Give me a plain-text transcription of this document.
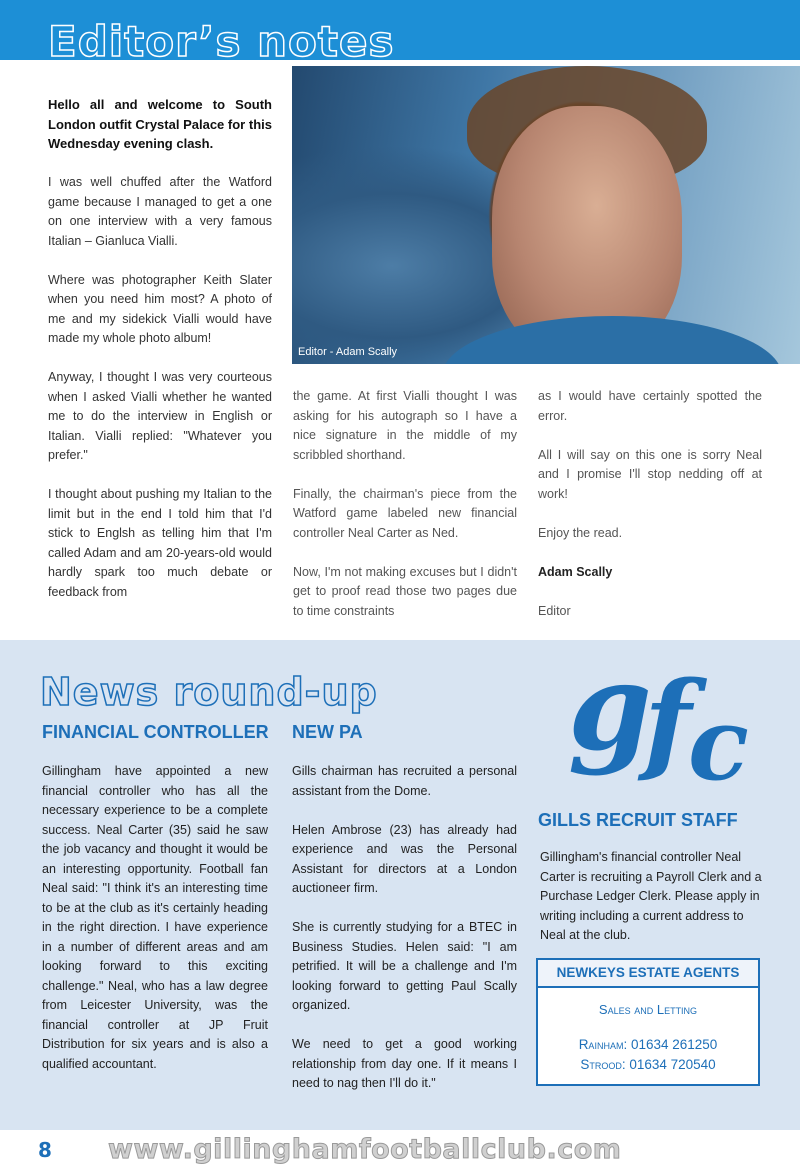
Editor’s notes
Editor - Adam Scally

Hello all and welcome to South London outfit Crystal Palace for this Wednesday evening clash.

I was well chuffed after the Watford game because I managed to get a one on one interview with a very famous Italian – Gianluca Vialli.

Where was photographer Keith Slater when you need him most? A photo of me and my sidekick Vialli would have made my whole photo album!

Anyway, I thought I was very courteous when I asked Vialli whether he wanted me to do the interview in English or Italian. Vialli replied: "Whatever you prefer."

I thought about pushing my Italian to the limit but in the end I told him that I'd stick to Englsh as telling him that I'm called Adam and am 20-years-old would hardly spark too much debate or feedback from

the game. At first Vialli thought I was asking for his autograph so I have a nice signature in the middle of my scribbled shorthand.

Finally, the chairman's piece from the Watford game labeled new financial controller Neal Carter as Ned.

Now, I'm not making excuses but I didn't get to proof read those two pages due to time constraints

as I would have certainly spotted the error.

All I will say on this one is sorry Neal and I promise I'll stop nedding off at work!

Enjoy the read.

Adam Scally

Editor

News round-up
FINANCIAL CONTROLLER

Gillingham have appointed a new financial controller who has all the necessary experience to be a complete success. Neal Carter (35) said he saw the job vacancy and thought it would be an interesting opportunity. Football fan Neal said: "I think it's an interesting time to be at the club as it's certainly heading in the right direction. I have experience in a number of different areas and am looking forward to this exciting challenge." Neal, who has a law degree from Leicester University, was the financial controller at JP Fruit Distribution for six years and is also a qualified accountant.

NEW PA

Gills chairman has recruited a personal assistant from the Dome.

Helen Ambrose (23) has already had experience and was the Personal Assistant for directors at a London auctioneer firm.

She is currently studying for a BTEC in Business Studies. Helen said: "I am petrified. It will be a challenge and I'm looking forward to getting Paul Scally organized.

We need to get a good working relationship from day one. If it means I need to nag then I'll do it."

g
f
c
GILLS RECRUIT STAFF

Gillingham's financial controller Neal Carter is recruiting a Payroll Clerk and a Purchase Ledger Clerk. Please apply in writing including a current address to Neal at the club.

NEWKEYS ESTATE AGENTS
Sales and Letting
Rainham: 01634 261250
Strood: 01634 720540
8 www.gillinghamfootballclub.com
